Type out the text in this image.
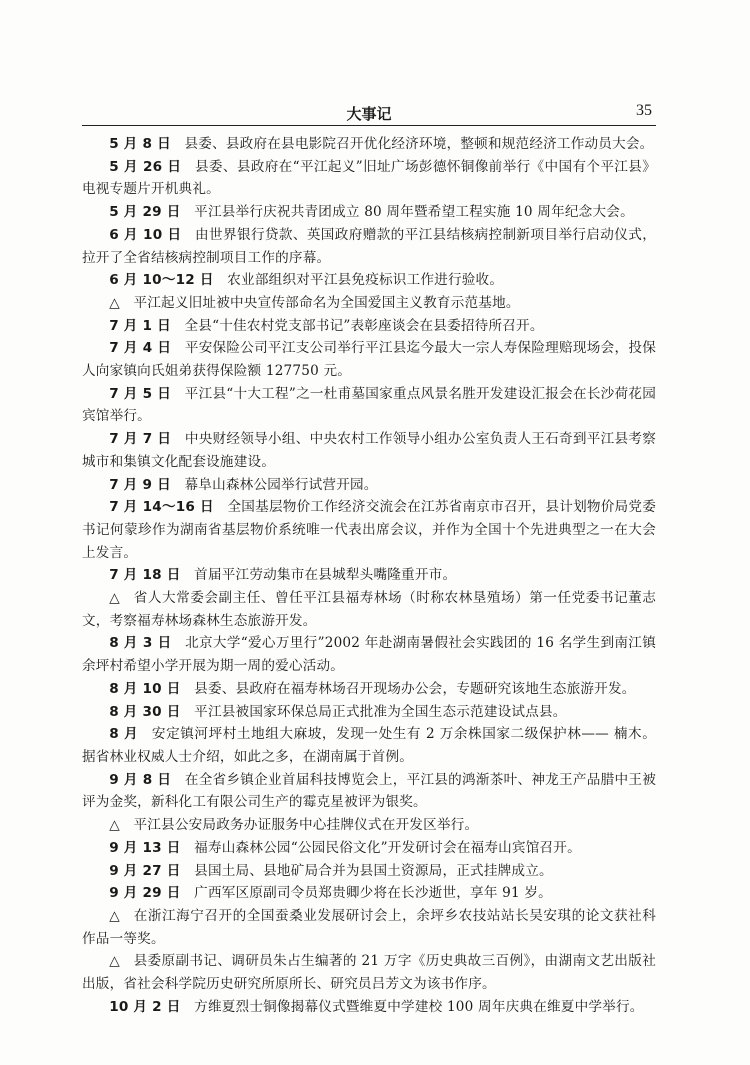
大事记	35
5 月 8 日 县委、县政府在县电影院召开优化经济环境，整顿和规范经济工作动员大会。
5 月 26 日 县委、县政府在“平江起义”旧址广场彭德怀铜像前举行《中国有个平江县》电视专题片开机典礼。
5 月 29 日 平江县举行庆祝共青团成立 80 周年暨希望工程实施 10 周年纪念大会。
6 月 10 日 由世界银行贷款、英国政府赠款的平江县结核病控制新项目举行启动仪式，拉开了全省结核病控制项目工作的序幕。
6 月 10～12 日 农业部组织对平江县免疫标识工作进行验收。
△ 平江起义旧址被中央宣传部命名为全国爱国主义教育示范基地。
7 月 1 日 全县“十佳农村党支部书记”表彰座谈会在县委招待所召开。
7 月 4 日 平安保险公司平江支公司举行平江县迄今最大一宗人寿保险理赔现场会，投保人向家镇向氏姐弟获得保险额 127750 元。
7 月 5 日 平江县“十大工程”之一杜甫墓国家重点风景名胜开发建设汇报会在长沙荷花园宾馆举行。
7 月 7 日 中央财经领导小组、中央农村工作领导小组办公室负责人王石奇到平江县考察城市和集镇文化配套设施建设。
7 月 9 日 幕阜山森林公园举行试营开园。
7 月 14～16 日 全国基层物价工作经济交流会在江苏省南京市召开，县计划物价局党委书记何蒙珍作为湖南省基层物价系统唯一代表出席会议，并作为全国十个先进典型之一在大会上发言。
7 月 18 日 首届平江劳动集市在县城犁头嘴隆重开市。
△ 省人大常委会副主任、曾任平江县福寿林场（时称农林垦殖场）第一任党委书记董志文，考察福寿林场森林生态旅游开发。
8 月 3 日 北京大学“爱心万里行”2002 年赴湖南暑假社会实践团的 16 名学生到南江镇余坪村希望小学开展为期一周的爱心活动。
8 月 10 日 县委、县政府在福寿林场召开现场办公会，专题研究该地生态旅游开发。
8 月 30 日 平江县被国家环保总局正式批准为全国生态示范建设试点县。
8 月 安定镇河坪村土地组大麻坡，发现一处生有 2 万余株国家二级保护林—— 楠木。据省林业权威人士介绍，如此之多，在湖南属于首例。
9 月 8 日 在全省乡镇企业首届科技博览会上，平江县的鸿渐茶叶、神龙王产品腊中王被评为金奖，新科化工有限公司生产的霉克星被评为银奖。
△ 平江县公安局政务办证服务中心挂牌仪式在开发区举行。
9 月 13 日 福寿山森林公园“公园民俗文化”开发研讨会在福寿山宾馆召开。
9 月 27 日 县国土局、县地矿局合并为县国土资源局，正式挂牌成立。
9 月 29 日 广西军区原副司令员郑贵卿少将在长沙逝世，享年 91 岁。
△ 在浙江海宁召开的全国蚕桑业发展研讨会上，余坪乡农技站站长吴安琪的论文获社科作品一等奖。
△ 县委原副书记、调研员朱占生编著的 21 万字《历史典故三百例》，由湖南文艺出版社出版，省社会科学院历史研究所原所长、研究员吕芳文为该书作序。
10 月 2 日 方维夏烈士铜像揭幕仪式暨维夏中学建校 100 周年庆典在维夏中学举行。
